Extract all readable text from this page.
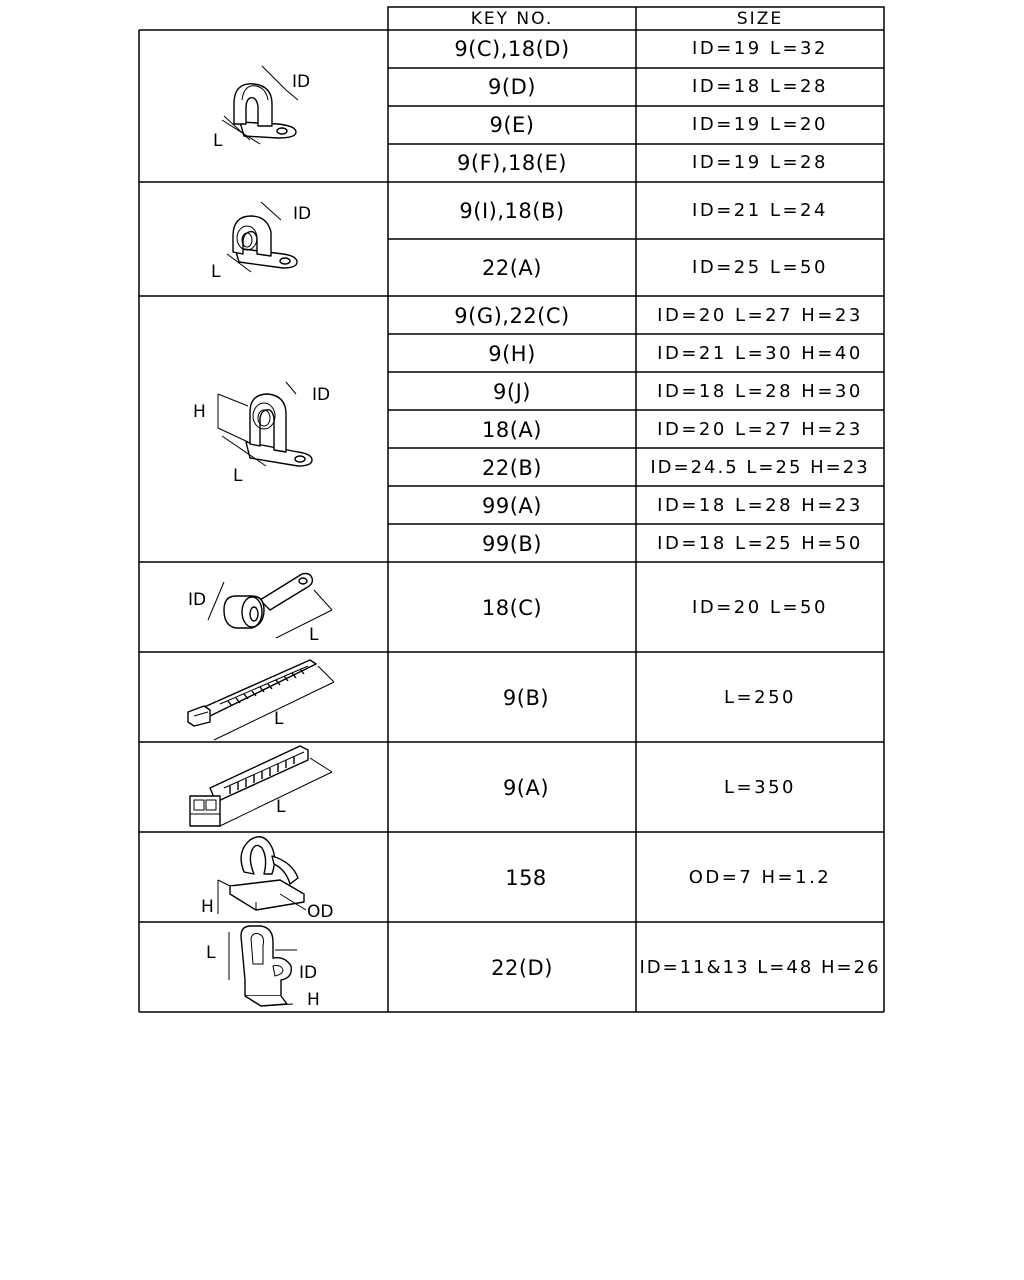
KEY NO.	SIZE
9(C),18(D)	ID=19 L=32
9(D)	ID=18 L=28
9(E)	ID=19 L=20
9(F),18(E)	ID=19 L=28
9(I),18(B)	ID=21 L=24
22(A)	ID=25 L=50
9(G),22(C)	ID=20 L=27 H=23
9(H)	ID=21 L=30 H=40
9(J)	ID=18 L=28 H=30
18(A)	ID=20 L=27 H=23
22(B)	ID=24.5 L=25 H=23
99(A)	ID=18 L=28 H=23
99(B)	ID=18 L=25 H=50
18(C)	ID=20 L=50
9(B)	L=250
9(A)	L=350
158	OD=7 H=1.2
22(D)	ID=11&13 L=48 H=26
ID
L
ID
L
H
ID
L
ID
L
L
L
H	OD
L
ID
H
